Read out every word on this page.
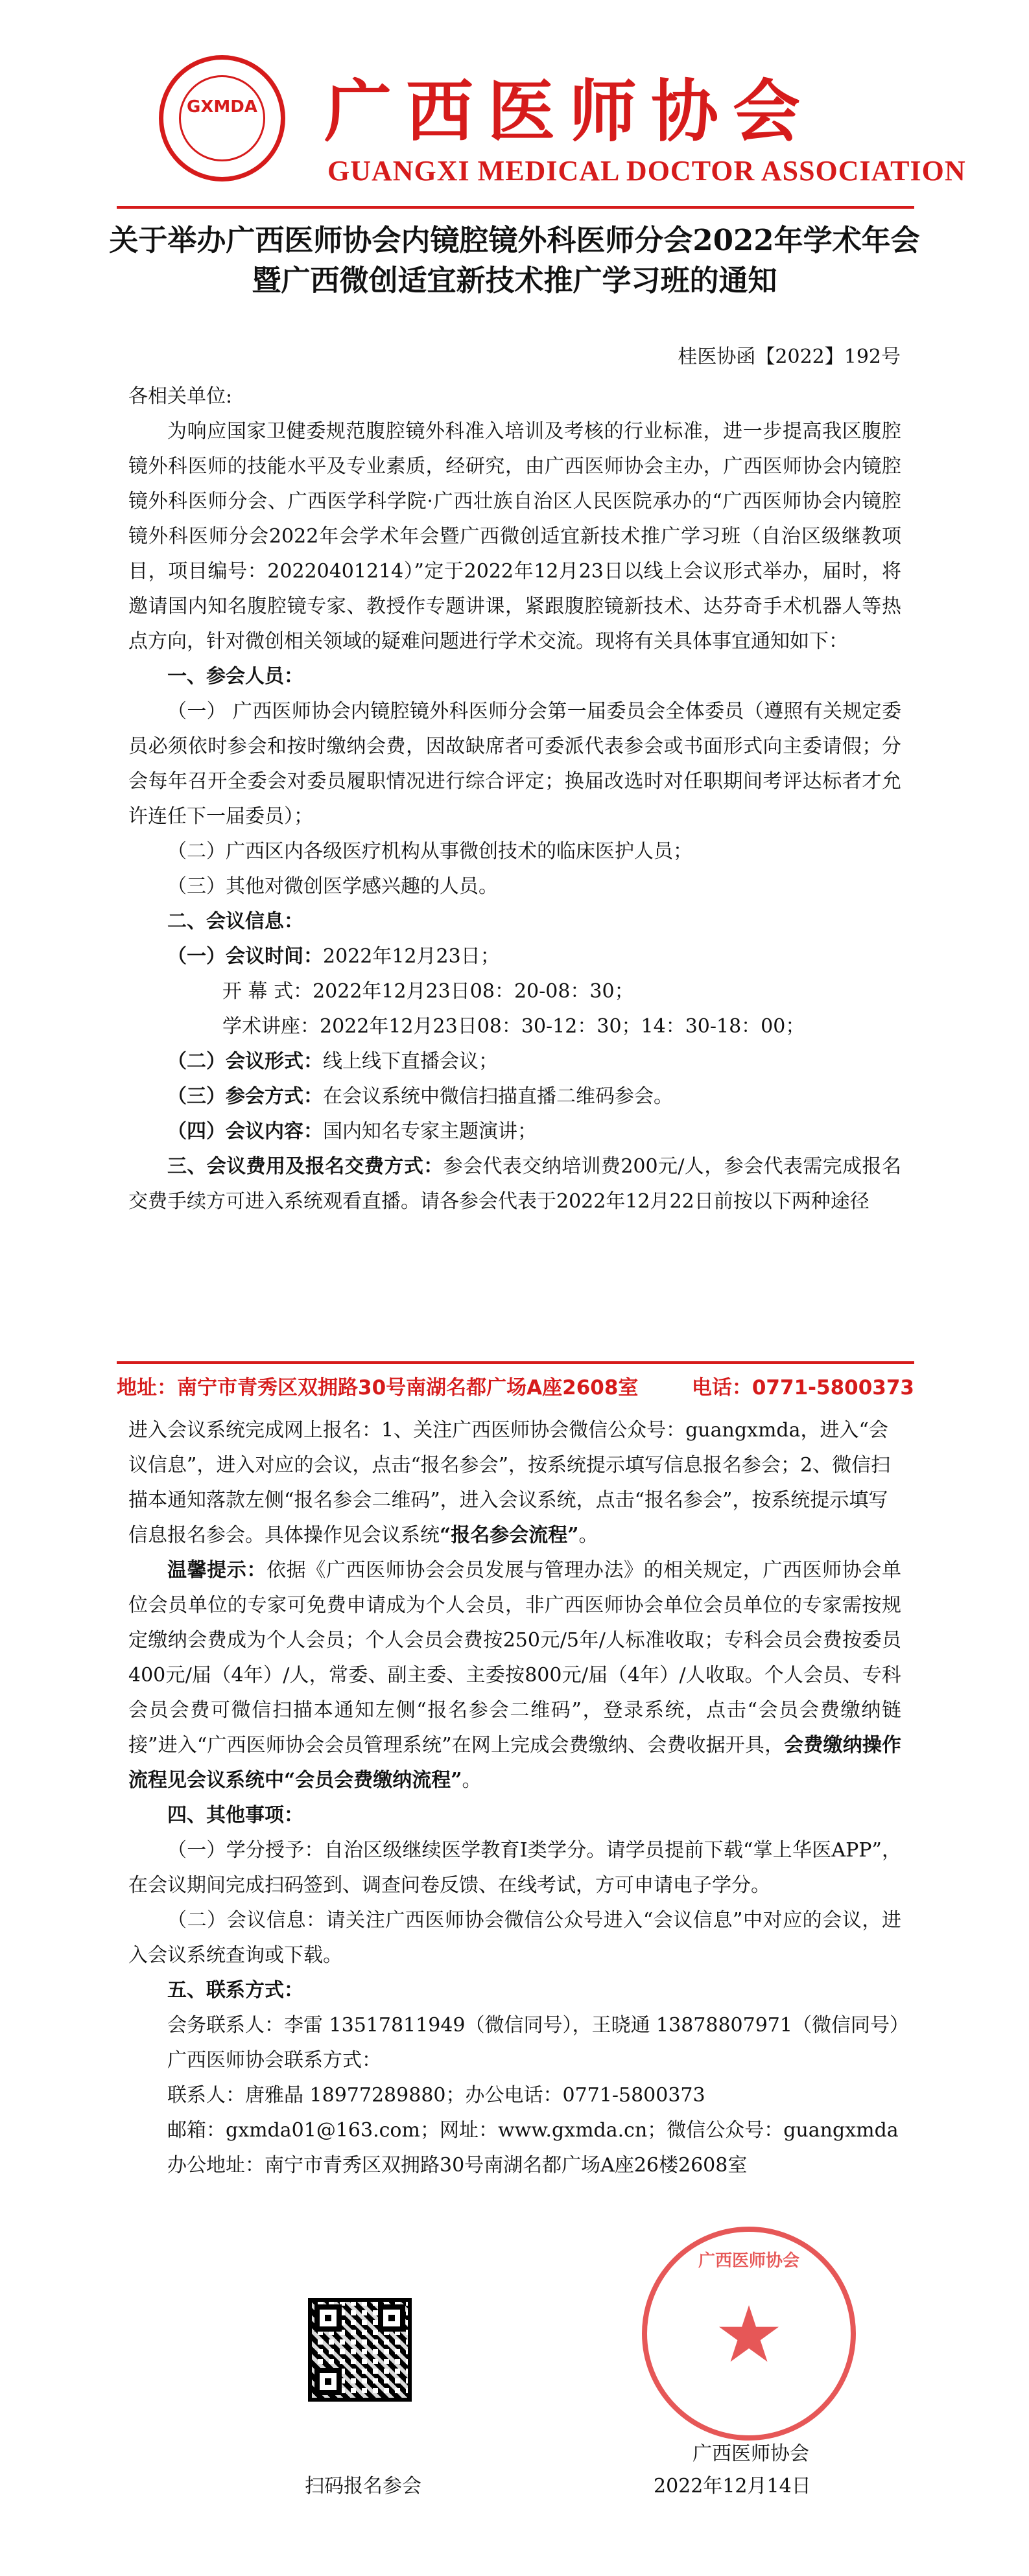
GXMDA 广西医师协会
GUANGXI MEDICAL DOCTOR ASSOCIATION
关于举办广西医师协会内镜腔镜外科医师分会2022年学术年会
暨广西微创适宜新技术推广学习班的通知
桂医协函【2022】192号

各相关单位:

为响应国家卫健委规范腹腔镜外科准入培训及考核的行业标准，进一步提高我区腹腔镜外科医师的技能水平及专业素质，经研究，由广西医师协会主办，广西医师协会内镜腔镜外科医师分会、广西医学科学院·广西壮族自治区人民医院承办的“广西医师协会内镜腔镜外科医师分会2022年会学术年会暨广西微创适宜新技术推广学习班（自治区级继教项目，项目编号：20220401214）”定于2022年12月23日以线上会议形式举办，届时，将邀请国内知名腹腔镜专家、教授作专题讲课，紧跟腹腔镜新技术、达芬奇手术机器人等热点方向，针对微创相关领域的疑难问题进行学术交流。现将有关具体事宜通知如下：

一、参会人员：

（一） 广西医师协会内镜腔镜外科医师分会第一届委员会全体委员（遵照有关规定委员必须依时参会和按时缴纳会费，因故缺席者可委派代表参会或书面形式向主委请假；分会每年召开全委会对委员履职情况进行综合评定；换届改选时对任职期间考评达标者才允许连任下一届委员）；

（二）广西区内各级医疗机构从事微创技术的临床医护人员；

（三）其他对微创医学感兴趣的人员。

二、会议信息：

（一）会议时间：2022年12月23日；

开 幕 式：2022年12月23日08：20-08：30；

学术讲座：2022年12月23日08：30-12：30；14：30-18：00；

（二）会议形式：线上线下直播会议；

（三）参会方式：在会议系统中微信扫描直播二维码参会。

（四）会议内容：国内知名专家主题演讲；

三、会议费用及报名交费方式：参会代表交纳培训费200元/人，参会代表需完成报名交费手续方可进入系统观看直播。请各参会代表于2022年12月22日前按以下两种途径

地址：南宁市青秀区双拥路30号南湖名都广场A座2608室	电话：0771-5800373

进入会议系统完成网上报名：1、关注广西医师协会微信公众号：guangxmda，进入“会议信息”，进入对应的会议，点击“报名参会”，按系统提示填写信息报名参会；2、微信扫描本通知落款左侧“报名参会二维码”，进入会议系统，点击“报名参会”，按系统提示填写信息报名参会。具体操作见会议系统“报名参会流程”。

温馨提示：依据《广西医师协会会员发展与管理办法》的相关规定，广西医师协会单位会员单位的专家可免费申请成为个人会员，非广西医师协会单位会员单位的专家需按规定缴纳会费成为个人会员；个人会员会费按250元/5年/人标准收取；专科会员会费按委员400元/届（4年）/人，常委、副主委、主委按800元/届（4年）/人收取。个人会员、专科会员会费可微信扫描本通知左侧“报名参会二维码”，登录系统，点击“会员会费缴纳链接”进入“广西医师协会会员管理系统”在网上完成会费缴纳、会费收据开具，会费缴纳操作流程见会议系统中“会员会费缴纳流程”。

四、其他事项：

（一）学分授予：自治区级继续医学教育Ⅰ类学分。请学员提前下载“掌上华医APP”，在会议期间完成扫码签到、调查问卷反馈、在线考试，方可申请电子学分。

（二）会议信息：请关注广西医师协会微信公众号进入“会议信息”中对应的会议，进入会议系统查询或下载。

五、联系方式：

会务联系人：李雷 13517811949（微信同号），王晓通 13878807971（微信同号）

广西医师协会联系方式：

联系人：唐雅晶 18977289880；办公电话：0771-5800373

邮箱：gxmda01@163.com；网址：www.gxmda.cn；微信公众号：guangxmda

办公地址：南宁市青秀区双拥路30号南湖名都广场A座26楼2608室

扫码报名参会
广西医师协会
★
广西医师协会
2022年12月14日
